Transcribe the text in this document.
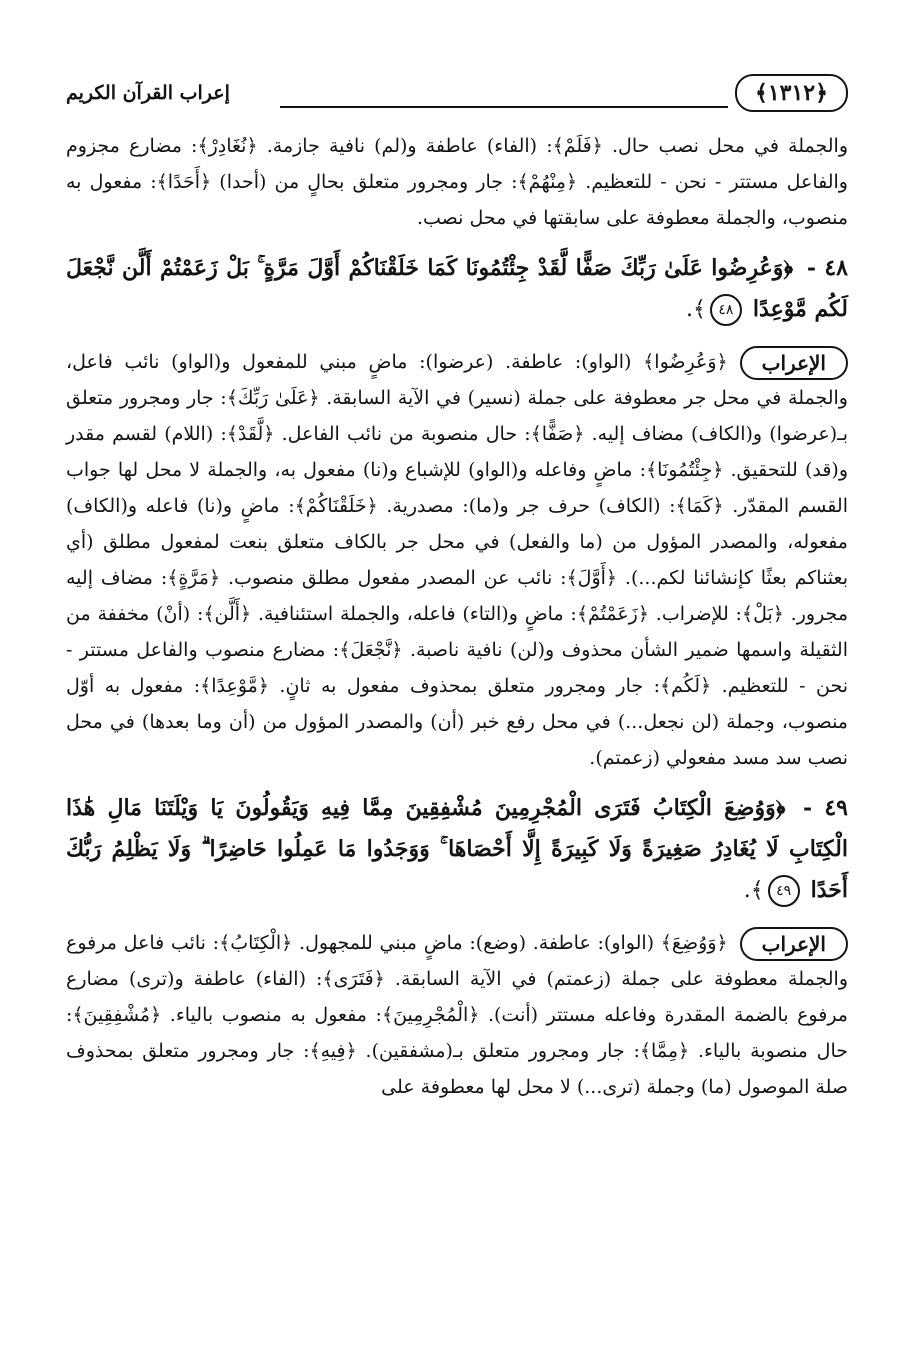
﴿١٣١٢﴾
إعراب القرآن الكريم

والجملة في محل نصب حال. ﴿فَلَمْ﴾: (الفاء) عاطفة و(لم) نافية جازمة. ﴿نُغَادِرْ﴾: مضارع مجزوم والفاعل مستتر - نحن - للتعظيم. ﴿مِنْهُمْ﴾: جار ومجرور متعلق بحالٍ من (أحدا) ﴿أَحَدًا﴾: مفعول به منصوب، والجملة معطوفة على سابقتها في محل نصب.

٤٨ - ﴿وَعُرِضُوا عَلَىٰ رَبِّكَ صَفًّا لَّقَدْ جِئْتُمُونَا كَمَا خَلَقْنَاكُمْ أَوَّلَ مَرَّةٍ ۚ بَلْ زَعَمْتُمْ أَلَّن نَّجْعَلَ لَكُم مَّوْعِدًا ٤٨﴾.

الإعراب
﴿وَعُرِضُوا﴾ (الواو): عاطفة. (عرضوا): ماضٍ مبني للمفعول و(الواو) نائب فاعل، والجملة في محل جر معطوفة على جملة (نسير) في الآية السابقة. ﴿عَلَىٰ رَبِّكَ﴾: جار ومجرور متعلق بـ(عرضوا) و(الكاف) مضاف إليه. ﴿صَفًّا﴾: حال منصوبة من نائب الفاعل. ﴿لَّقَدْ﴾: (اللام) لقسم مقدر و(قد) للتحقيق. ﴿جِئْتُمُونَا﴾: ماضٍ وفاعله و(الواو) للإشباع و(نا) مفعول به، والجملة لا محل لها جواب القسم المقدّر. ﴿كَمَا﴾: (الكاف) حرف جر و(ما): مصدرية. ﴿خَلَقْنَاكُمْ﴾: ماضٍ و(نا) فاعله و(الكاف) مفعوله، والمصدر المؤول من (ما والفعل) في محل جر بالكاف متعلق بنعت لمفعول مطلق (أي بعثناكم بعثًا كإنشائنا لكم...). ﴿أَوَّلَ﴾: نائب عن المصدر مفعول مطلق منصوب. ﴿مَرَّةٍ﴾: مضاف إليه مجرور. ﴿بَلْ﴾: للإضراب. ﴿زَعَمْتُمْ﴾: ماضٍ و(التاء) فاعله، والجملة استئنافية. ﴿أَلَّن﴾: (أنْ) مخففة من الثقيلة واسمها ضمير الشأن محذوف و(لن) نافية ناصبة. ﴿نَّجْعَلَ﴾: مضارع منصوب والفاعل مستتر - نحن - للتعظيم. ﴿لَكُم﴾: جار ومجرور متعلق بمحذوف مفعول به ثانٍ. ﴿مَّوْعِدًا﴾: مفعول به أوّل منصوب، وجملة (لن نجعل...) في محل رفع خبر (أن) والمصدر المؤول من (أن وما بعدها) في محل نصب سد مسد مفعولي (زعمتم).

٤٩ - ﴿وَوُضِعَ الْكِتَابُ فَتَرَى الْمُجْرِمِينَ مُشْفِقِينَ مِمَّا فِيهِ وَيَقُولُونَ يَا وَيْلَتَنَا مَالِ هَٰذَا الْكِتَابِ لَا يُغَادِرُ صَغِيرَةً وَلَا كَبِيرَةً إِلَّا أَحْصَاهَا ۚ وَوَجَدُوا مَا عَمِلُوا حَاضِرًا ۗ وَلَا يَظْلِمُ رَبُّكَ أَحَدًا ٤٩﴾.

الإعراب
﴿وَوُضِعَ﴾ (الواو): عاطفة. (وضع): ماضٍ مبني للمجهول. ﴿الْكِتَابُ﴾: نائب فاعل مرفوع والجملة معطوفة على جملة (زعمتم) في الآية السابقة. ﴿فَتَرَى﴾: (الفاء) عاطفة و(ترى) مضارع مرفوع بالضمة المقدرة وفاعله مستتر (أنت). ﴿الْمُجْرِمِينَ﴾: مفعول به منصوب بالياء. ﴿مُشْفِقِينَ﴾: حال منصوبة بالياء. ﴿مِمَّا﴾: جار ومجرور متعلق بـ(مشفقين). ﴿فِيهِ﴾: جار ومجرور متعلق بمحذوف صلة الموصول (ما) وجملة (ترى...) لا محل لها معطوفة على
